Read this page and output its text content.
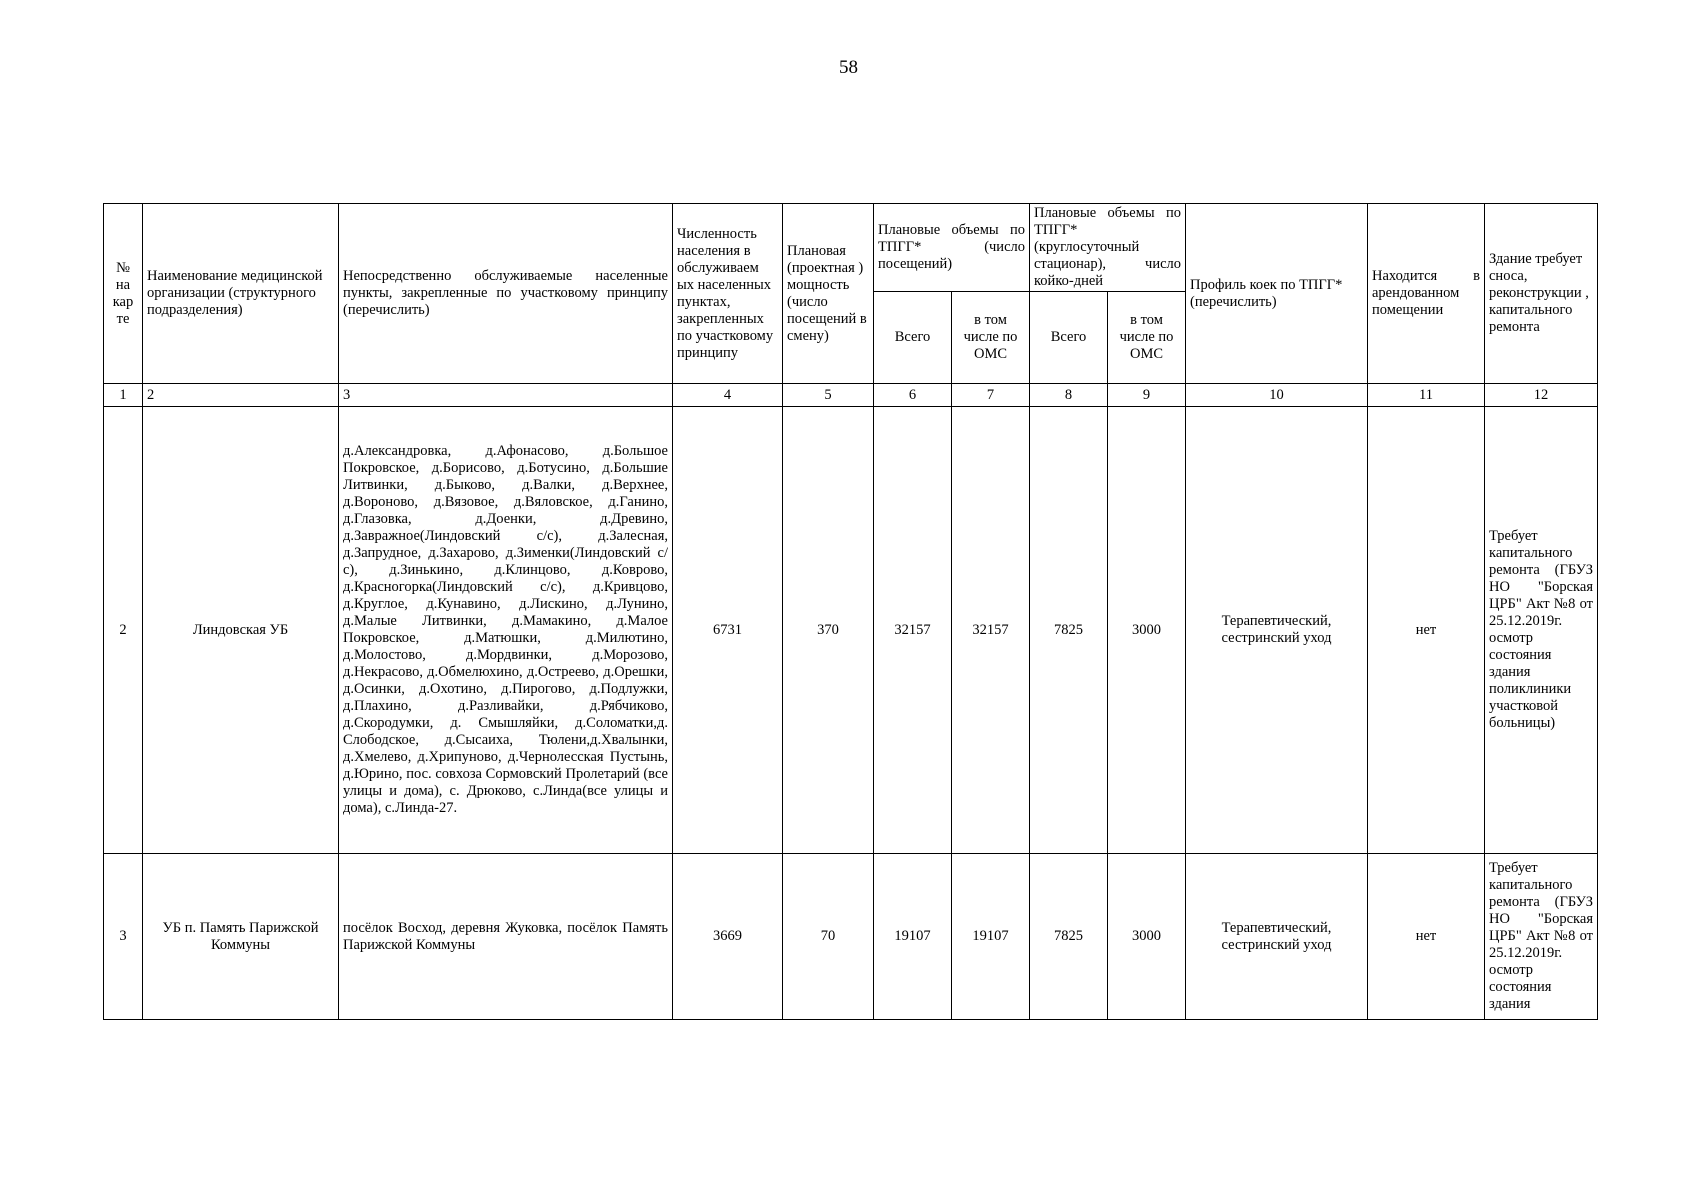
58
№ на кар те	Наименование медицинской организации (структурного подразделения)	Непосредственно обслуживаемые населенные пункты, закрепленные по участковому принципу (перечислить)	Численность населения в обслуживаем ых населенных пунктах, закрепленных по участковому принципу	Плановая (проектная ) мощность (число посещений в смену)	Плановые объемы по ТПГГ* (число посещений)		Плановые объемы по ТПГГ* (круглосуточный стационар), число койко-дней		Профиль коек по ТПГГ* (перечислить)	Находится в арендованном помещении	Здание требует сноса, реконструкции , капитального ремонта
					Всего	в том числе по ОМС	Всего	в том числе по ОМС			
1	2	3	4	5	6	7	8	9	10	11	12
2	Линдовская УБ	д.Александровка, д.Афонасово, д.Большое Покровское, д.Борисово, д.Ботусино, д.Большие Литвинки, д.Быково, д.Валки, д.Верхнее, д.Вороново, д.Вязовое, д.Вяловское, д.Ганино, д.Глазовка, д.Доенки, д.Древино, д.Завражное(Линдовский с/с), д.Залесная, д.Запрудное, д.Захарово, д.Зименки(Линдовский с/с), д.Зинькино, д.Клинцово, д.Коврово, д.Красногорка(Линдовский с/с), д.Кривцово, д.Круглое, д.Кунавино, д.Лискино, д.Лунино, д.Малые Литвинки, д.Мамакино, д.Малое Покровское, д.Матюшки, д.Милютино, д.Молостово, д.Мордвинки, д.Морозово, д.Некрасово, д.Обмелюхино, д.Остреево, д.Орешки, д.Осинки, д.Охотино, д.Пирогово, д.Подлужки, д.Плахино, д.Разливайки, д.Рябчиково, д.Скородумки, д. Смышляйки, д.Соломатки,д. Слободское, д.Сысаиха, Тюлени,д.Хвалынки, д.Хмелево, д.Хрипуново, д.Чернолесская Пустынь, д.Юрино, пос. совхоза Сормовский Пролетарий (все улицы и дома), с. Дрюково, с.Линда(все улицы и дома), с.Линда-27.	6731	370	32157	32157	7825	3000	Терапевтический, сестринский уход	нет	Требует капитального ремонта (ГБУЗ НО "Борская ЦРБ" Акт №8 от 25.12.2019г. осмотр состояния здания поликлиники участковой больницы)
3	УБ п. Память Парижской Коммуны	посёлок Восход, деревня Жуковка, посёлок Память Парижской Коммуны	3669	70	19107	19107	7825	3000	Терапевтический, сестринский уход	нет	Требует капитального ремонта (ГБУЗ НО "Борская ЦРБ" Акт №8 от 25.12.2019г. осмотр состояния здания
